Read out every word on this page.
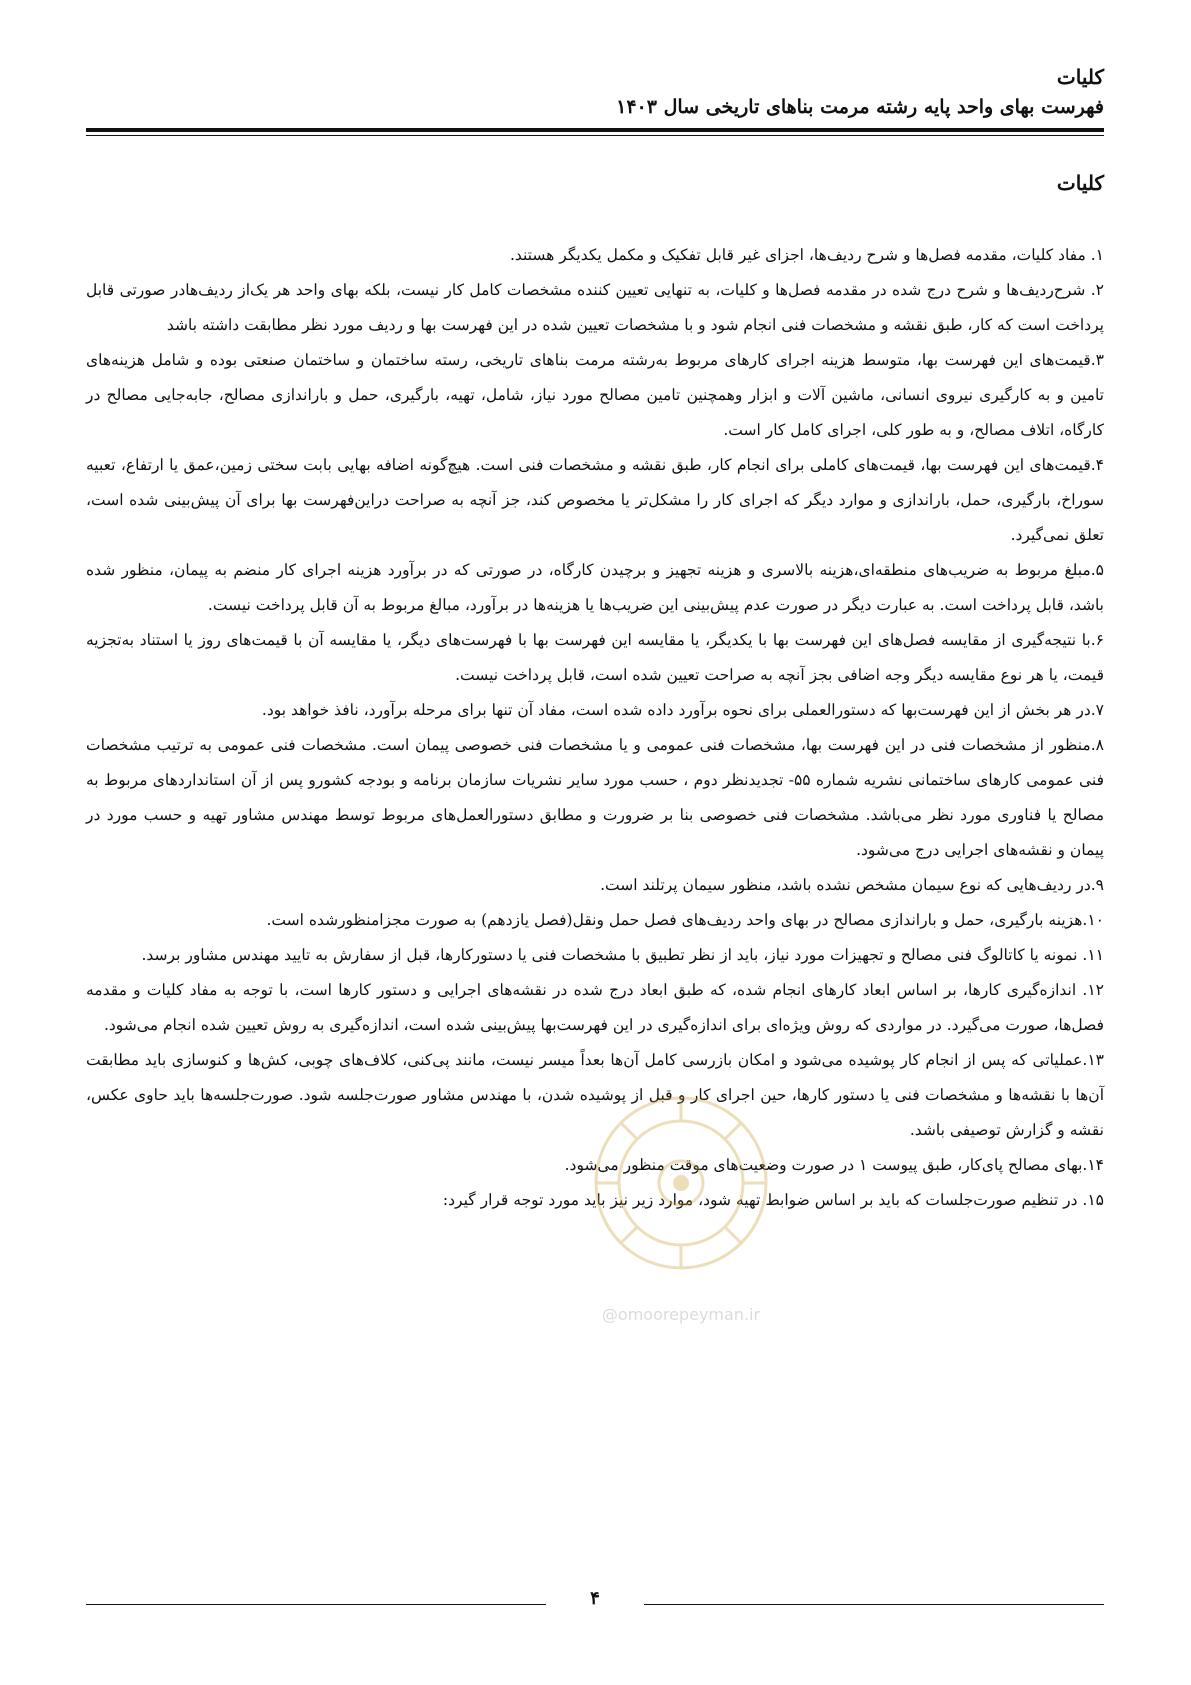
کلیات
فهرست بهای واحد پایه رشته مرمت بناهای تاریخی سال ۱۴۰۳
کلیات

۱. مفاد کلیات، مقدمه فصل‌ها و شرح ردیف‌ها، اجزای غیر قابل تفکیک و مکمل یکدیگر هستند.

۲. شرح‌ردیف‌ها و شرح درج شده در مقدمه فصل‌ها و کلیات، به تنهایی تعیین کننده مشخصات کامل کار نیست، بلکه بهای واحد هر یک‌از ردیف‌هادر صورتی قابل پرداخت است که کار، طبق نقشه و مشخصات فنی انجام شود و با مشخصات تعیین شده در این فهرست بها و ردیف مورد نظر مطابقت داشته باشد

۳.قیمت‌های این فهرست بها، متوسط هزینه اجرای کارهای مربوط به‌رشته مرمت بناهای تاریخی، رسته ساختمان و ساختمان صنعتی بوده و شامل هزینه‌های تامین و به کارگیری نیروی انسانی، ماشین آلات و ابزار وهمچنین تامین مصالح مورد نیاز، شامل، تهیه، بارگیری، حمل و باراندازی مصالح، جابه‌جایی مصالح در کارگاه، اتلاف مصالح، و به طور کلی، اجرای کامل کار است.

۴.قیمت‌های این فهرست بها، قیمت‌های کاملی برای انجام کار، طبق نقشه و مشخصات فنی است. هیچ‌گونه اضافه بهایی بابت سختی زمین،عمق یا ارتفاع، تعبیه سوراخ، بارگیری، حمل، باراندازی و موارد دیگر که اجرای کار را مشکل‌تر یا مخصوص کند، جز آنچه به صراحت دراین‌فهرست بها برای آن پیش‌بینی شده است، تعلق نمی‌گیرد.

۵.مبلغ مربوط به ضریب‌های منطقه‌ای،هزینه بالاسری و هزینه تجهیز و برچیدن کارگاه، در صورتی که در برآورد هزینه اجرای کار منضم به پیمان، منظور شده باشد، قابل پرداخت است. به عبارت دیگر در صورت عدم پیش‌بینی این ضریب‌ها یا هزینه‌ها در برآورد، مبالغ مربوط به آن قابل پرداخت نیست.

۶.با نتیجه‌گیری از مقایسه فصل‌های این فهرست بها با یکدیگر، یا مقایسه این فهرست بها با فهرست‌های دیگر، یا مقایسه آن با قیمت‌های روز یا استناد به‌تجزیه قیمت، یا هر نوع مقایسه دیگر وجه اضافی بجز آنچه به صراحت تعیین شده است، قابل پرداخت نیست.

۷.در هر بخش از این فهرست‌بها که دستورالعملی برای نحوه برآورد داده شده است، مفاد آن تنها برای مرحله برآورد، نافذ خواهد بود.

۸.منظور از مشخصات فنی در این فهرست بها، مشخصات فنی عمومی و یا مشخصات فنی خصوصی پیمان است. مشخصات فنی عمومی به ترتیب مشخصات فنی عمومی کارهای ساختمانی نشریه شماره ۵۵- تجدیدنظر دوم ، حسب مورد سایر نشریات سازمان برنامه و بودجه کشورو پس از آن استانداردهای مربوط به مصالح یا فناوری مورد نظر می‌باشد. مشخصات فنی خصوصی بنا بر ضرورت و مطابق دستورالعمل‌های مربوط توسط مهندس مشاور تهیه و حسب مورد در پیمان و نقشه‌های اجرایی درج می‌شود.

۹.در ردیف‌هایی که نوع سیمان مشخص نشده باشد، منظور سیمان پرتلند است.

۱۰.هزینه بارگیری، حمل و باراندازی مصالح در بهای واحد ردیف‌های فصل حمل ونقل(فصل یازدهم) به صورت مجزامنظورشده است.

۱۱. نمونه یا کاتالوگ فنی مصالح و تجهیزات مورد نیاز، باید از نظر تطبیق با مشخصات فنی یا دستورکارها، قبل از سفارش به تایید مهندس مشاور برسد.

۱۲. اندازه‌گیری کارها، بر اساس ابعاد کارهای انجام شده، که طبق ابعاد درج شده در نقشه‌های اجرایی و دستور کارها است، با توجه به مفاد کلیات و مقدمه فصل‌ها، صورت می‌گیرد. در مواردی که روش ویژه‌ای برای اندازه‌گیری در این فهرست‌بها پیش‌بینی شده است، اندازه‌گیری به روش تعیین شده انجام می‌شود.

۱۳.عملیاتی که پس از انجام کار پوشیده می‌شود و امکان بازرسی کامل آن‌ها بعداً میسر نیست، مانند پی‌کنی، کلاف‌های چوبی، کش‌ها و کنوسازی باید مطابقت آن‌ها با نقشه‌ها و مشخصات فنی یا دستور کارها، حین اجرای کار و قبل از پوشیده شدن، با مهندس مشاور صورت‌جلسه شود. صورت‌جلسه‌ها باید حاوی عکس، نقشه و گزارش توصیفی باشد.

۱۴.بهای مصالح پای‌کار، طبق پیوست ۱ در صورت وضعیت‌های موقت منظور می‌شود.

۱۵. در تنظیم صورت‌جلسات که باید بر اساس ضوابط تهیه شود، موارد زیر نیز باید مورد توجه قرار گیرد:

@omoorepeyman.ir
۴
